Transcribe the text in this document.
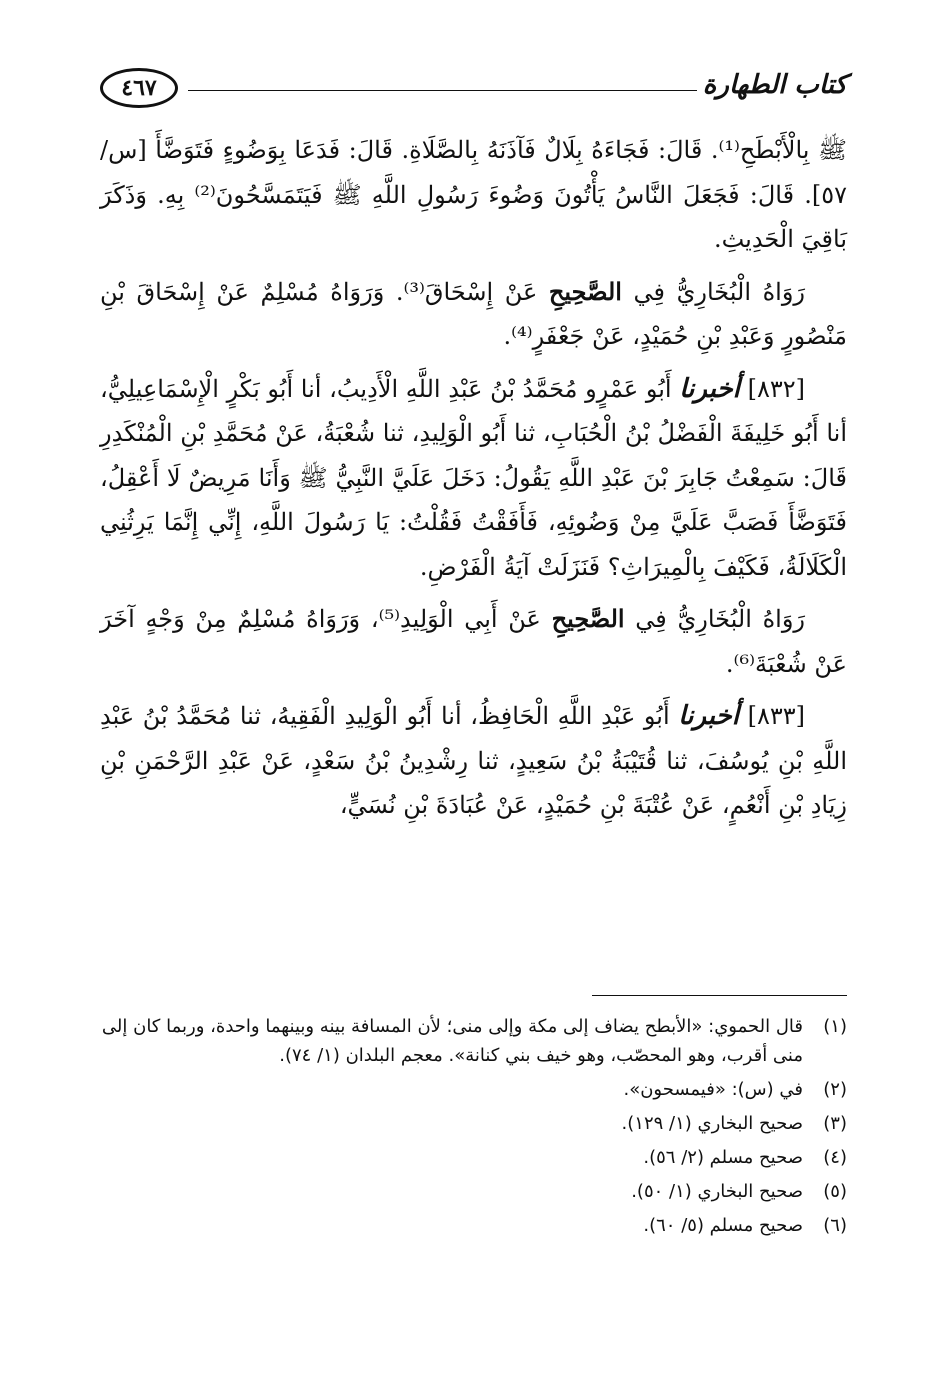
٤٦٧	كتاب الطهارة

ﷺ بِالْأَبْطَحِ⁽¹⁾. قَالَ: فَجَاءَهُ بِلَالٌ فَآذَنَهُ بِالصَّلَاةِ. قَالَ: فَدَعَا بِوَضُوءٍ فَتَوَضَّأَ [س/٥٧]. قَالَ: فَجَعَلَ النَّاسُ يَأْتُونَ وَضُوءَ رَسُولِ اللَّهِ ﷺ فَيَتَمَسَّحُونَ⁽²⁾ بِهِ. وَذَكَرَ بَاقِيَ الْحَدِيثِ.

رَوَاهُ الْبُخَارِيُّ فِي الصَّحِيحِ عَنْ إِسْحَاقَ⁽³⁾. وَرَوَاهُ مُسْلِمٌ عَنْ إِسْحَاقَ بْنِ مَنْصُورٍ وَعَبْدِ بْنِ حُمَيْدٍ، عَنْ جَعْفَرٍ⁽⁴⁾.

[٨٣٢] أخبرنا أَبُو عَمْرٍو مُحَمَّدُ بْنُ عَبْدِ اللَّهِ الْأَدِيبُ، أنا أَبُو بَكْرٍ الْإِسْمَاعِيلِيُّ، أنا أَبُو خَلِيفَةَ الْفَضْلُ بْنُ الْحُبَابِ، ثنا أَبُو الْوَلِيدِ، ثنا شُعْبَةُ، عَنْ مُحَمَّدِ بْنِ الْمُنْكَدِرِ قَالَ: سَمِعْتُ جَابِرَ بْنَ عَبْدِ اللَّهِ يَقُولُ: دَخَلَ عَلَيَّ النَّبِيُّ ﷺ وَأَنَا مَرِيضٌ لَا أَعْقِلُ، فَتَوَضَّأَ فَصَبَّ عَلَيَّ مِنْ وَضُوئِهِ، فَأَفَقْتُ فَقُلْتُ: يَا رَسُولَ اللَّهِ، إِنِّي إِنَّمَا يَرِثُنِي الْكَلَالَةُ، فَكَيْفَ بِالْمِيرَاثِ؟ فَنَزَلَتْ آيَةُ الْفَرْضِ.

رَوَاهُ الْبُخَارِيُّ فِي الصَّحِيحِ عَنْ أَبِي الْوَلِيدِ⁽⁵⁾، وَرَوَاهُ مُسْلِمٌ مِنْ وَجْهٍ آخَرَ عَنْ شُعْبَةَ⁽⁶⁾.

[٨٣٣] أخبرنا أَبُو عَبْدِ اللَّهِ الْحَافِظُ، أنا أَبُو الْوَلِيدِ الْفَقِيهُ، ثنا مُحَمَّدُ بْنُ عَبْدِ اللَّهِ بْنِ يُوسُفَ، ثنا قُتَيْبَةُ بْنُ سَعِيدٍ، ثنا رِشْدِينُ بْنُ سَعْدٍ، عَنْ عَبْدِ الرَّحْمَنِ بْنِ زِيَادِ بْنِ أَنْعُمٍ، عَنْ عُتْبَةَ بْنِ حُمَيْدٍ، عَنْ عُبَادَةَ بْنِ نُسَيٍّ،

(١)
قال الحموي: «الأبطح يضاف إلى مكة وإلى منى؛ لأن المسافة بينه وبينهما واحدة، وربما كان إلى منى أقرب، وهو المحصّب، وهو خيف بني كنانة». معجم البلدان (١/ ٧٤).
(٢)
في (س): «فيمسحون».
(٣)
صحيح البخاري (١/ ١٢٩).
(٤)
صحيح مسلم (٢/ ٥٦).
(٥)
صحيح البخاري (١/ ٥٠).
(٦)
صحيح مسلم (٥/ ٦٠).
